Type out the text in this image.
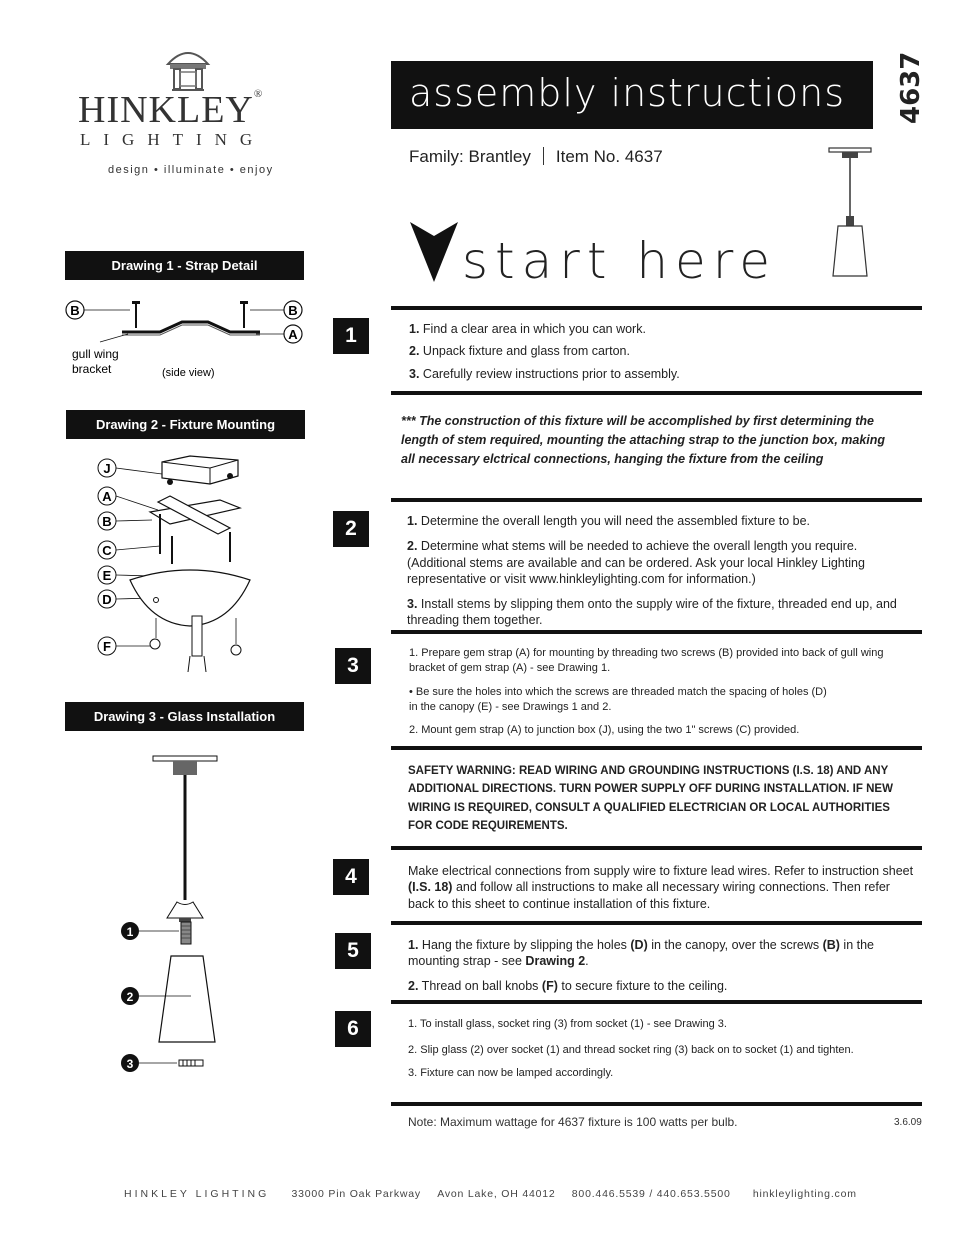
HINKLEY®
LIGHTING
design • illuminate • enjoy
assembly instructions	4637
Family: Brantley Item No. 4637
start here
Drawing 1 - Strap Detail
B	B
A
gull wing
bracket	(side view)
Drawing 2 - Fixture Mounting
J
A
B
C
E
D
F
Drawing 3 - Glass Installation
1
2
3
1	1. Find a clear area in which you can work.

2. Unpack fixture and glass from carton.

3. Carefully review instructions prior to assembly.

*** The construction of this fixture will be accomplished by first determining the length of stem required, mounting the attaching strap to the junction box, making all necessary elctrical connections, hanging the fixture from the ceiling
2	1. Determine the overall length you will need the assembled fixture to be.

2. Determine what stems will be needed to achieve the overall length you require. (Additional stems are available and can be ordered. Ask your local Hinkley Lighting representative or visit www.hinkleylighting.com for information.)

3. Install stems by slipping them onto the supply wire of the fixture, threaded end up, and threading them together.

3

1. Prepare gem strap (A) for mounting by threading two screws (B) provided into back of gull wing bracket of gem strap (A) - see Drawing 1.

• Be sure the holes into which the screws are threaded match the spacing of holes (D)
in the canopy (E) - see Drawings 1 and 2.

2. Mount gem strap (A) to junction box (J), using the two 1" screws (C) provided.

SAFETY WARNING: READ WIRING AND GROUNDING INSTRUCTIONS (I.S. 18) AND ANY ADDITIONAL DIRECTIONS. TURN POWER SUPPLY OFF DURING INSTALLATION. IF NEW WIRING IS REQUIRED, CONSULT A QUALIFIED ELECTRICIAN OR LOCAL AUTHORITIES FOR CODE REQUIREMENTS.
4	Make electrical connections from supply wire to fixture lead wires. Refer to instruction sheet (I.S. 18) and follow all instructions to make all necessary wiring connections. Then refer back to this sheet to continue installation of this fixture.

5	1. Hang the fixture by slipping the holes (D) in the canopy, over the screws (B) in the mounting strap - see Drawing 2.

2. Thread on ball knobs (F) to secure fixture to the ceiling.

6	1. To install glass, socket ring (3) from socket (1) - see Drawing 3.

2. Slip glass (2) over socket (1) and thread socket ring (3) back on to socket (1) and tighten.

3. Fixture can now be lamped accordingly.

Note: Maximum wattage for 4637 fixture is 100 watts per bulb.	3.6.09
HINKLEY LIGHTING 33000 Pin Oak Parkway Avon Lake, OH 44012 800.446.5539 / 440.653.5500 hinkleylighting.com
